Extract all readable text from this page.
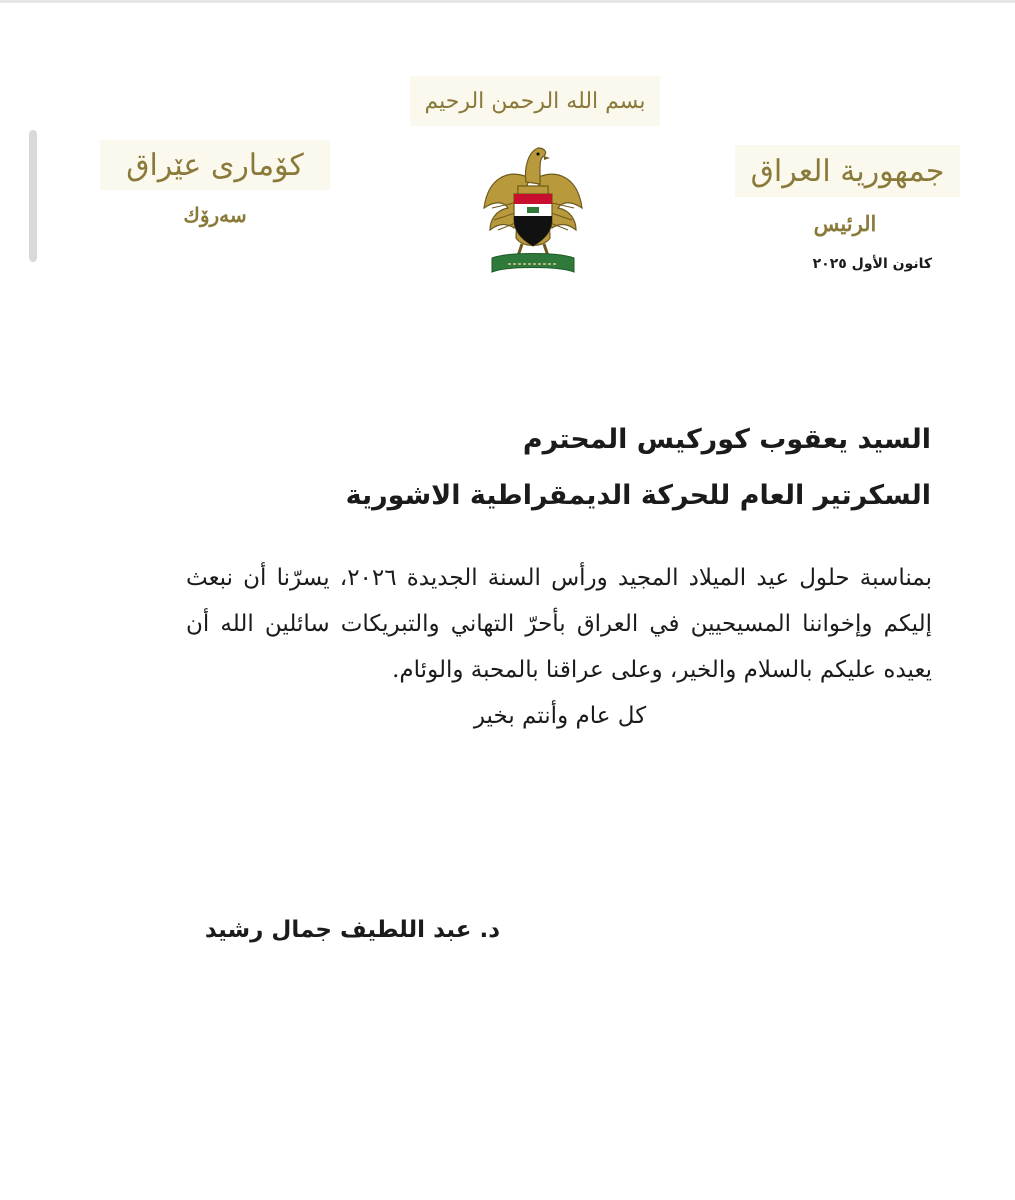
بسم الله الرحمن الرحيم
كۆمارى عێراق
سەرۆك
جمهورية العراق
الرئيس
كانون الأول ٢٠٢٥
السيد يعقوب كوركيس المحترم
السكرتير العام للحركة الديمقراطية الاشورية
بمناسبة حلول عيد الميلاد المجيد ورأس السنة الجديدة ٢٠٢٦، يسرّنا أن نبعث إليكم وإخواننا المسيحيين في العراق بأحرّ التهاني والتبريكات سائلين الله أن يعيده عليكم بالسلام والخير، وعلى عراقنا بالمحبة والوئام.
كل عام وأنتم بخير
د. عبد اللطيف جمال رشيد
